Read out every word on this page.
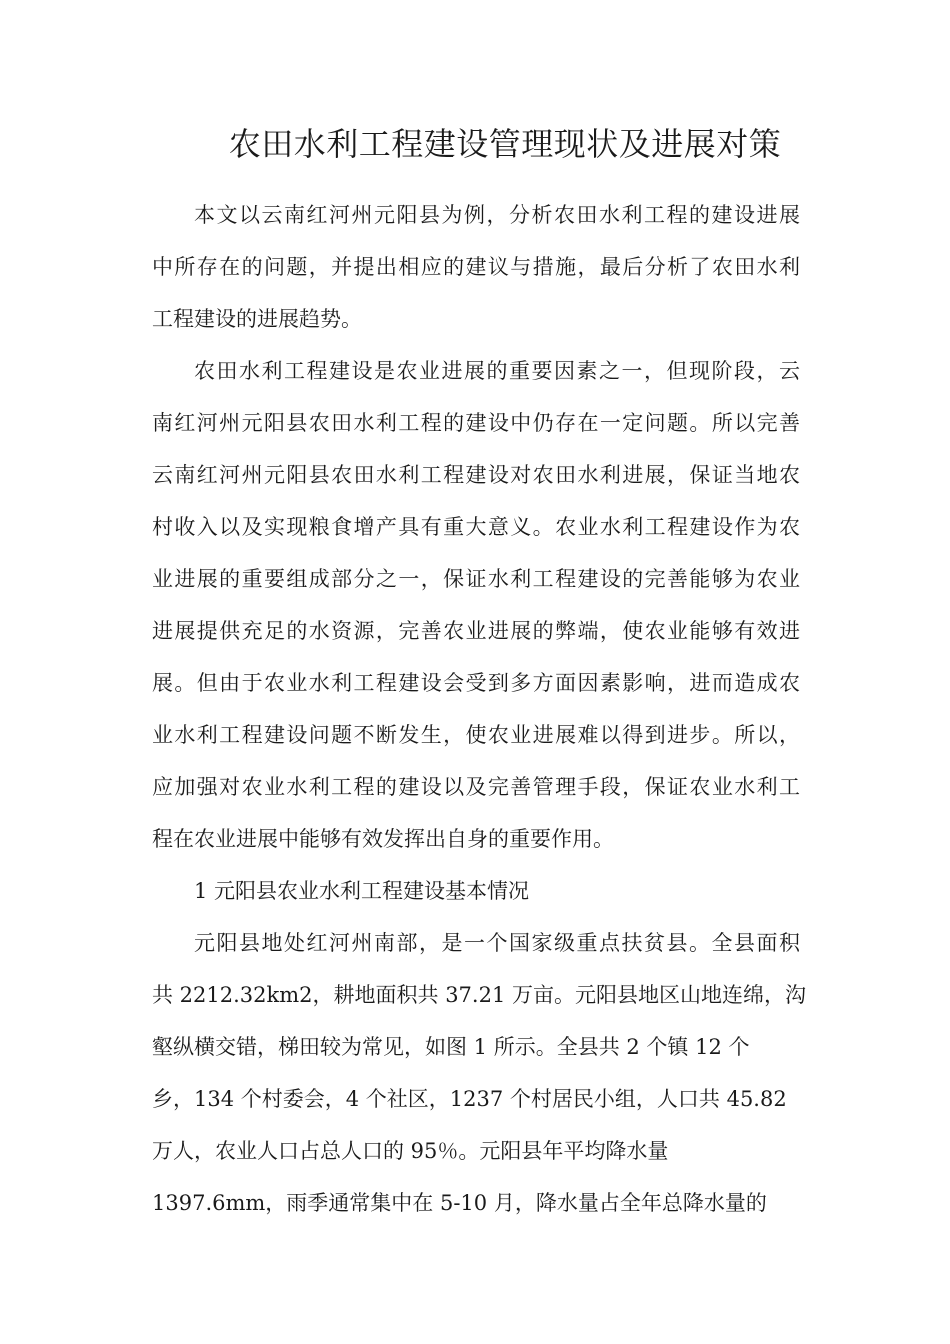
农田水利工程建设管理现状及进展对策
本文以云南红河州元阳县为例，分析农田水利工程的建设进展
中所存在的问题，并提出相应的建议与措施，最后分析了农田水利
工程建设的进展趋势。
农田水利工程建设是农业进展的重要因素之一，但现阶段，云
南红河州元阳县农田水利工程的建设中仍存在一定问题。所以完善
云南红河州元阳县农田水利工程建设对农田水利进展，保证当地农
村收入以及实现粮食增产具有重大意义。农业水利工程建设作为农
业进展的重要组成部分之一，保证水利工程建设的完善能够为农业
进展提供充足的水资源，完善农业进展的弊端，使农业能够有效进
展。但由于农业水利工程建设会受到多方面因素影响，进而造成农
业水利工程建设问题不断发生，使农业进展难以得到进步。所以，
应加强对农业水利工程的建设以及完善管理手段，保证农业水利工
程在农业进展中能够有效发挥出自身的重要作用。
1 元阳县农业水利工程建设基本情况
元阳县地处红河州南部，是一个国家级重点扶贫县。全县面积
共 2212.32km2，耕地面积共 37.21 万亩。元阳县地区山地连绵，沟
壑纵横交错，梯田较为常见，如图 1 所示。全县共 2 个镇 12 个
乡，134 个村委会，4 个社区，1237 个村居民小组，人口共 45.82
万人，农业人口占总人口的 95％。元阳县年平均降水量
1397.6mm，雨季通常集中在 5-10 月，降水量占全年总降水量的
